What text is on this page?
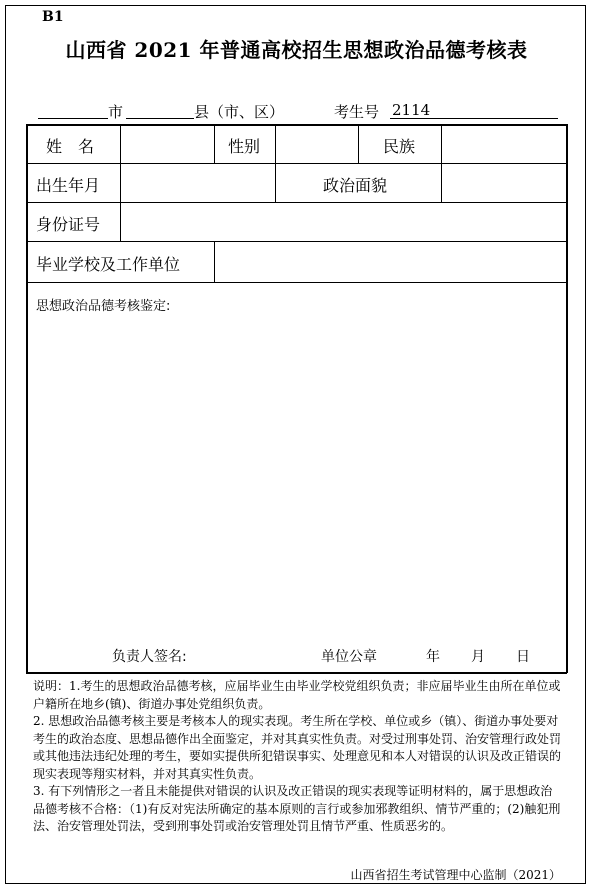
B1
山西省 2021 年普通高校招生思想政治品德考核表
市	县（市、区）	考生号 2114
姓　名	性别	民族
出生年月	政治面貌
身份证号
毕业学校及工作单位
思想政治品德考核鉴定:
负责人签名:	单位公章	年 月 日

说明：1.考生的思想政治品德考核，应届毕业生由毕业学校党组织负责；非应届毕业生由所在单位或户籍所在地乡(镇)、街道办事处党组织负责。

2. 思想政治品德考核主要是考核本人的现实表现。考生所在学校、单位或乡（镇）、街道办事处要对考生的政治态度、思想品德作出全面鉴定，并对其真实性负责。对受过刑事处罚、治安管理行政处罚或其他违法违纪处理的考生，要如实提供所犯错误事实、处理意见和本人对错误的认识及改正错误的现实表现等翔实材料，并对其真实性负责。

3. 有下列情形之一者且未能提供对错误的认识及改正错误的现实表现等证明材料的，属于思想政治品德考核不合格：（1)有反对宪法所确定的基本原则的言行或参加邪教组织、情节严重的；(2)触犯刑法、治安管理处罚法，受到刑事处罚或治安管理处罚且情节严重、性质恶劣的。

山西省招生考试管理中心监制（2021）
